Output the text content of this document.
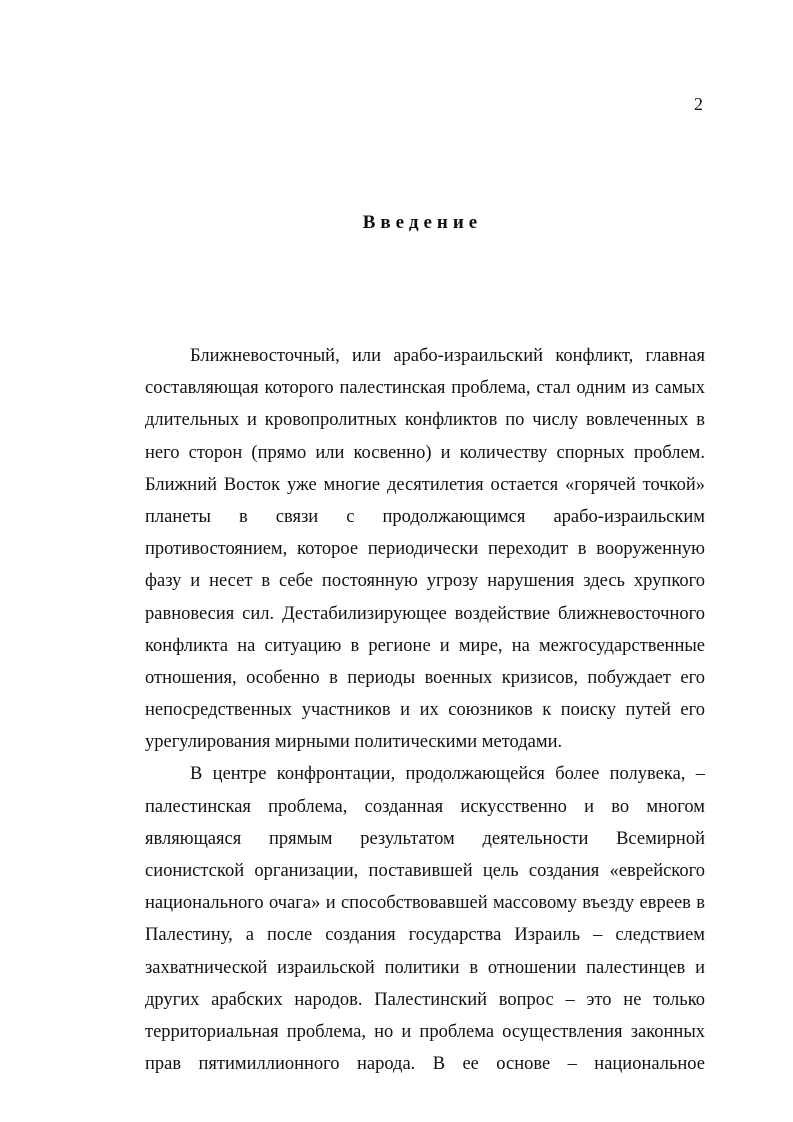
2
Введение
Ближневосточный, или арабо-израильский конфликт, главная
составляющая которого палестинская проблема, стал одним из самых
длительных и кровопролитных конфликтов по числу вовлеченных в
него сторон (прямо или косвенно) и количеству спорных проблем.
Ближний Восток уже многие десятилетия остается «горячей точкой»
планеты в связи с продолжающимся арабо-израильским
противостоянием, которое периодически переходит в вооруженную
фазу и несет в себе постоянную угрозу нарушения здесь хрупкого
равновесия сил. Дестабилизирующее воздействие ближневосточного
конфликта на ситуацию в регионе и мире, на межгосударственные
отношения, особенно в периоды военных кризисов, побуждает его
непосредственных участников и их союзников к поиску путей его
урегулирования мирными политическими методами.
В центре конфронтации, продолжающейся более полувека, –
палестинская проблема, созданная искусственно и во многом
являющаяся прямым результатом деятельности Всемирной
сионистской организации, поставившей цель создания «еврейского
национального очага» и способствовавшей массовому въезду евреев в
Палестину, а после создания государства Израиль – следствием
захватнической израильской политики в отношении палестинцев и
других арабских народов. Палестинский вопрос – это не только
территориальная проблема, но и проблема осуществления законных
прав пятимиллионного народа. В ее основе – национальное
